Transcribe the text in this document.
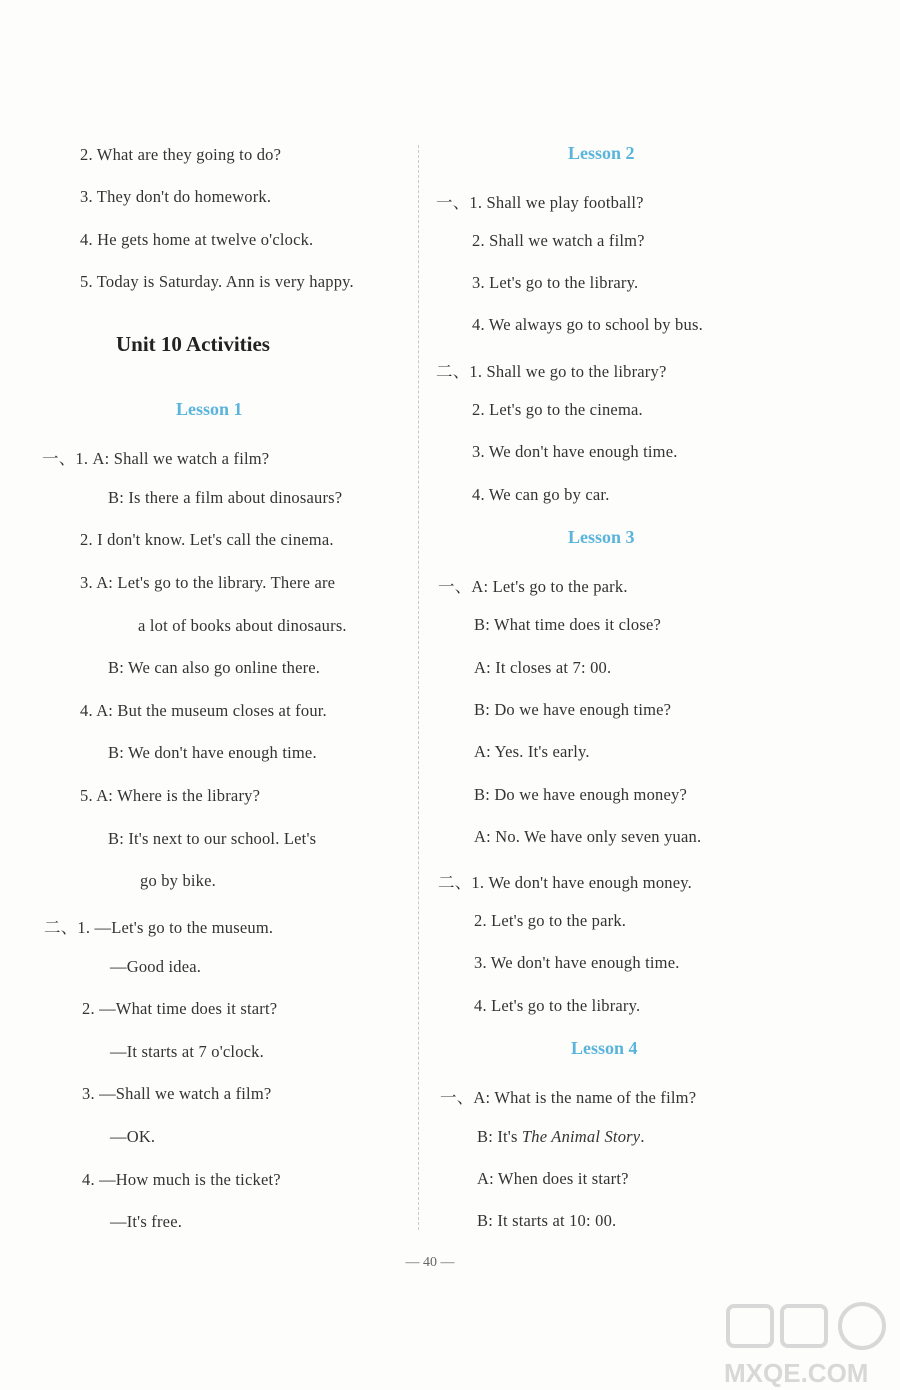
2. What are they going to do?
3. They don't do homework.
4. He gets home at twelve o'clock.
5. Today is Saturday. Ann is very happy.
Unit 10 Activities
Lesson 1
一、1. A: Shall we watch a film?
B: Is there a film about dinosaurs?
2. I don't know. Let's call the cinema.
3. A: Let's go to the library. There are
a lot of books about dinosaurs.
B: We can also go online there.
4. A: But the museum closes at four.
B: We don't have enough time.
5. A: Where is the library?
B: It's next to our school. Let's
go by bike.
二、1. —Let's go to the museum.
—Good idea.
2. —What time does it start?
—It starts at 7 o'clock.
3. —Shall we watch a film?
—OK.
4. —How much is the ticket?
—It's free.
Lesson 2
一、1. Shall we play football?
2. Shall we watch a film?
3. Let's go to the library.
4. We always go to school by bus.
二、1. Shall we go to the library?
2. Let's go to the cinema.
3. We don't have enough time.
4. We can go by car.
Lesson 3
一、A: Let's go to the park.
B: What time does it close?
A: It closes at 7: 00.
B: Do we have enough time?
A: Yes. It's early.
B: Do we have enough money?
A: No. We have only seven yuan.
二、1. We don't have enough money.
2. Let's go to the park.
3. We don't have enough time.
4. Let's go to the library.
Lesson 4
一、A: What is the name of the film?
B: It's The Animal Story.
A: When does it start?
B: It starts at 10: 00.
— 40 —
MXQE.COM
